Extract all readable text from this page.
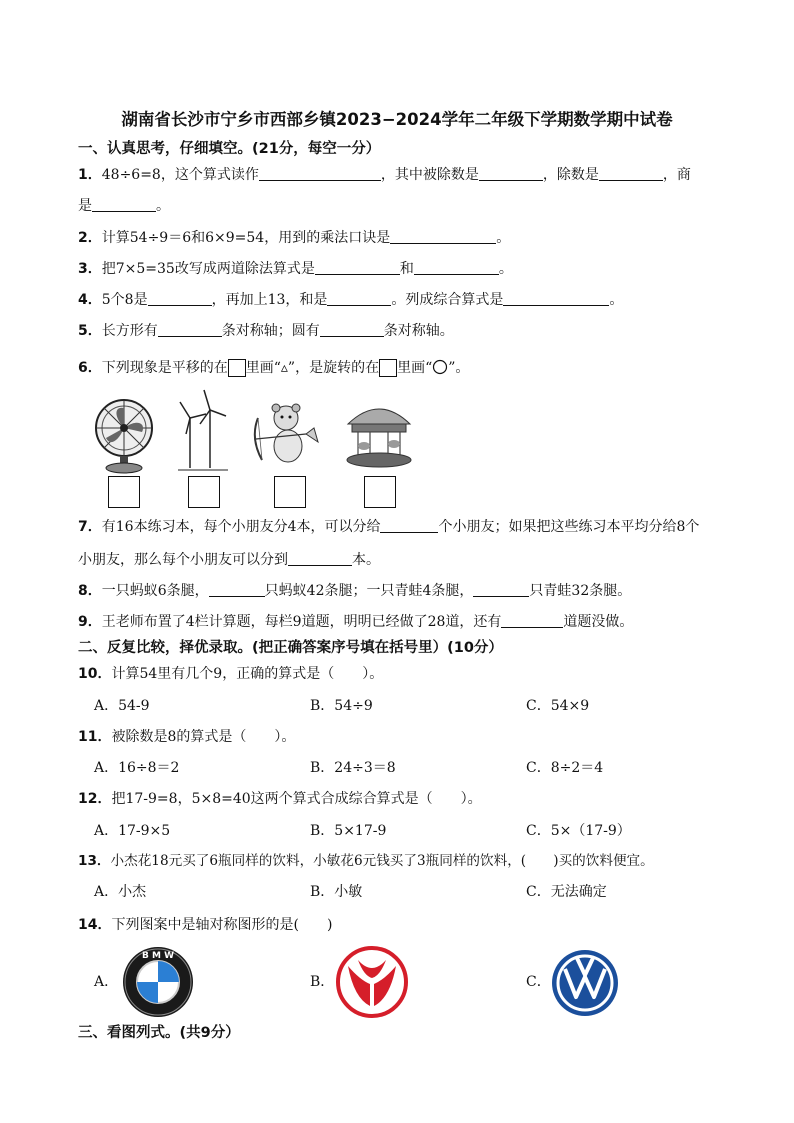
湖南省长沙市宁乡市西部乡镇2023−2024学年二年级下学期数学期中试卷
一、认真思考，仔细填空。(21分，每空一分）
1．48÷6=8，这个算式读作	，其中被除数是	，除数是	，商
是	。
2．计算54÷9＝6和6×9=54，用到的乘法口诀是	。
3．把7×5=35改写成两道除法算式是	和	。
4．5个8是	，再加上13，和是	。列成综合算式是	。
5．长方形有	条对称轴；圆有	条对称轴。
6．下列现象是平移的在 里画“▵”，是旋转的在 里画“ ”。
7．有16本练习本，每个小朋友分4本，可以分给	个小朋友；如果把这些练习本平均分给8个
小朋友，那么每个小朋友可以分到	本。
8．一只蚂蚁6条腿，	只蚂蚁42条腿；一只青蛙4条腿，	只青蛙32条腿。
9．王老师布置了4栏计算题，每栏9道题，明明已经做了28道，还有	道题没做。
二、反复比较，择优录取。(把正确答案序号填在括号里）(10分）
10．计算54里有几个9，正确的算式是（　　）。
A．54-9	B．54÷9	C．54×9
11．被除数是8的算式是（　　）。
A．16÷8＝2	B．24÷3＝8	C．8÷2＝4
12．把17-9=8，5×8=40这两个算式合成综合算式是（　　）。
A．17-9×5	B．5×17-9	C．5×（17-9）
13．小杰花18元买了6瓶同样的饮料，小敏花6元钱买了3瓶同样的饮料，(　　)买的饮料便宜。
A．小杰	B．小敏	C．无法确定
14．下列图案中是轴对称图形的是(　　)
A．
B M W
B．	C．
三、看图列式。(共9分）
